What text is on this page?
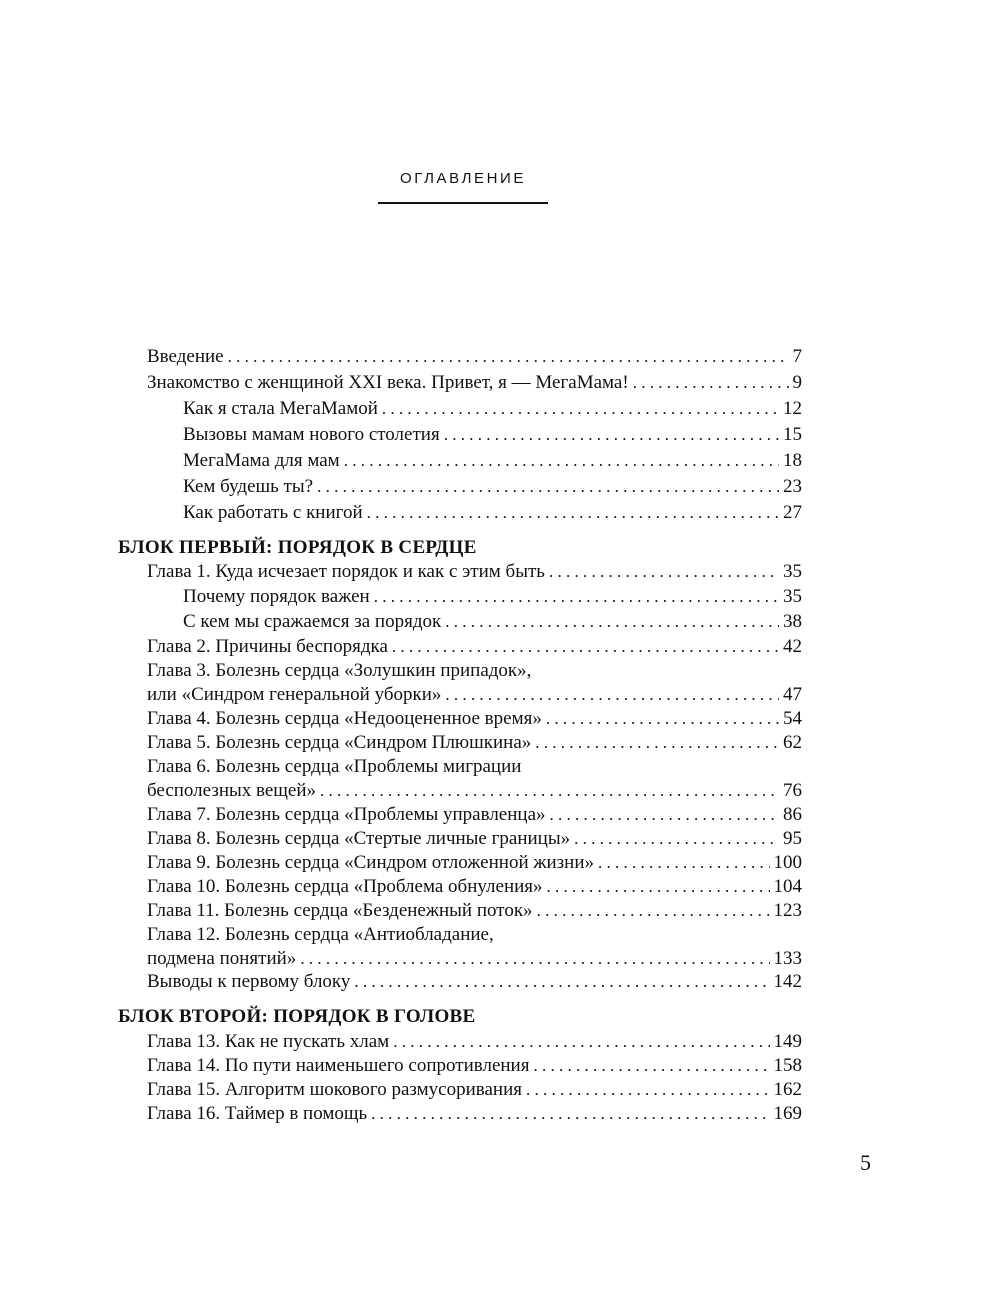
ОГЛАВЛЕНИЕ
5
Введение . . .	7
Знакомство с женщиной XXI века. Привет, я — МегаМама! . . .	9
Как я стала МегаМамой . . .	12
Вызовы мамам нового столетия . . .	15
МегаМама для мам . . .	18
Кем будешь ты? . . .	23
Как работать с книгой . . .	27
БЛОК ПЕРВЫЙ: ПОРЯДОК В СЕРДЦЕ
Глава 1. Куда исчезает порядок и как с этим быть . . .	35
Почему порядок важен . . .	35
С кем мы сражаемся за порядок . . .	38
Глава 2. Причины беспорядка . . .	42
Глава 3. Болезнь сердца «Золушкин припадок»,
или «Синдром генеральной уборки» . . .	47
Глава 4. Болезнь сердца «Недооцененное время» . . .	54
Глава 5. Болезнь сердца «Синдром Плюшкина» . . .	62
Глава 6. Болезнь сердца «Проблемы миграции
бесполезных вещей» . . .	76
Глава 7. Болезнь сердца «Проблемы управленца» . . .	86
Глава 8. Болезнь сердца «Стертые личные границы» . . .	95
Глава 9. Болезнь сердца «Синдром отложенной жизни» . . .	100
Глава 10. Болезнь сердца «Проблема обнуления» . . .	104
Глава 11. Болезнь сердца «Безденежный поток» . . .	123
Глава 12. Болезнь сердца «Антиобладание,
подмена понятий» . . .	133
Выводы к первому блоку . . .	142
БЛОК ВТОРОЙ: ПОРЯДОК В ГОЛОВЕ
Глава 13. Как не пускать хлам . . .	149
Глава 14. По пути наименьшего сопротивления . . .	158
Глава 15. Алгоритм шокового размусоривания . . .	162
Глава 16. Таймер в помощь . . .	169
